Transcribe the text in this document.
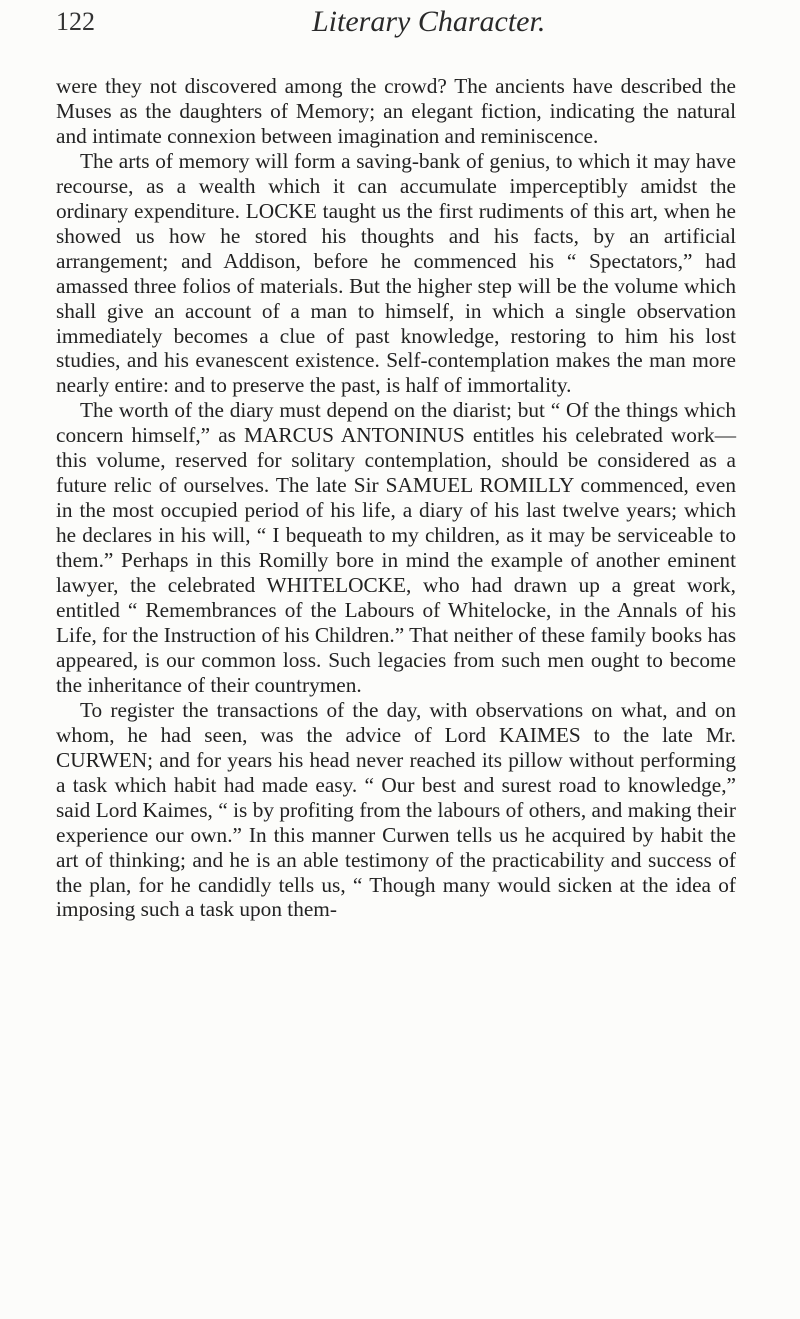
122	Literary Character.

were they not discovered among the crowd? The ancients have described the Muses as the daughters of Memory; an elegant fiction, indicating the natural and intimate connexion between imagination and reminiscence.

The arts of memory will form a saving-bank of genius, to which it may have recourse, as a wealth which it can accumulate imperceptibly amidst the ordinary expenditure. LOCKE taught us the first rudiments of this art, when he showed us how he stored his thoughts and his facts, by an artificial arrangement; and Addison, before he commenced his “ Spectators,” had amassed three folios of materials. But the higher step will be the volume which shall give an account of a man to himself, in which a single observation immediately becomes a clue of past knowledge, restoring to him his lost studies, and his evanescent existence. Self-contemplation makes the man more nearly entire: and to preserve the past, is half of immortality.

The worth of the diary must depend on the diarist; but “ Of the things which concern himself,” as MARCUS ANTONINUS entitles his celebrated work—this volume, reserved for solitary contemplation, should be considered as a future relic of ourselves. The late Sir SAMUEL ROMILLY commenced, even in the most occupied period of his life, a diary of his last twelve years; which he declares in his will, “ I bequeath to my children, as it may be serviceable to them.” Perhaps in this Romilly bore in mind the example of another eminent lawyer, the celebrated WHITELOCKE, who had drawn up a great work, entitled “ Remembrances of the Labours of Whitelocke, in the Annals of his Life, for the Instruction of his Children.” That neither of these family books has appeared, is our common loss. Such legacies from such men ought to become the inheritance of their countrymen.

To register the transactions of the day, with observations on what, and on whom, he had seen, was the advice of Lord KAIMES to the late Mr. CURWEN; and for years his head never reached its pillow without performing a task which habit had made easy. “ Our best and surest road to knowledge,” said Lord Kaimes, “ is by profiting from the labours of others, and making their experience our own.” In this manner Curwen tells us he acquired by habit the art of thinking; and he is an able testimony of the practicability and success of the plan, for he candidly tells us, “ Though many would sicken at the idea of imposing such a task upon them-
